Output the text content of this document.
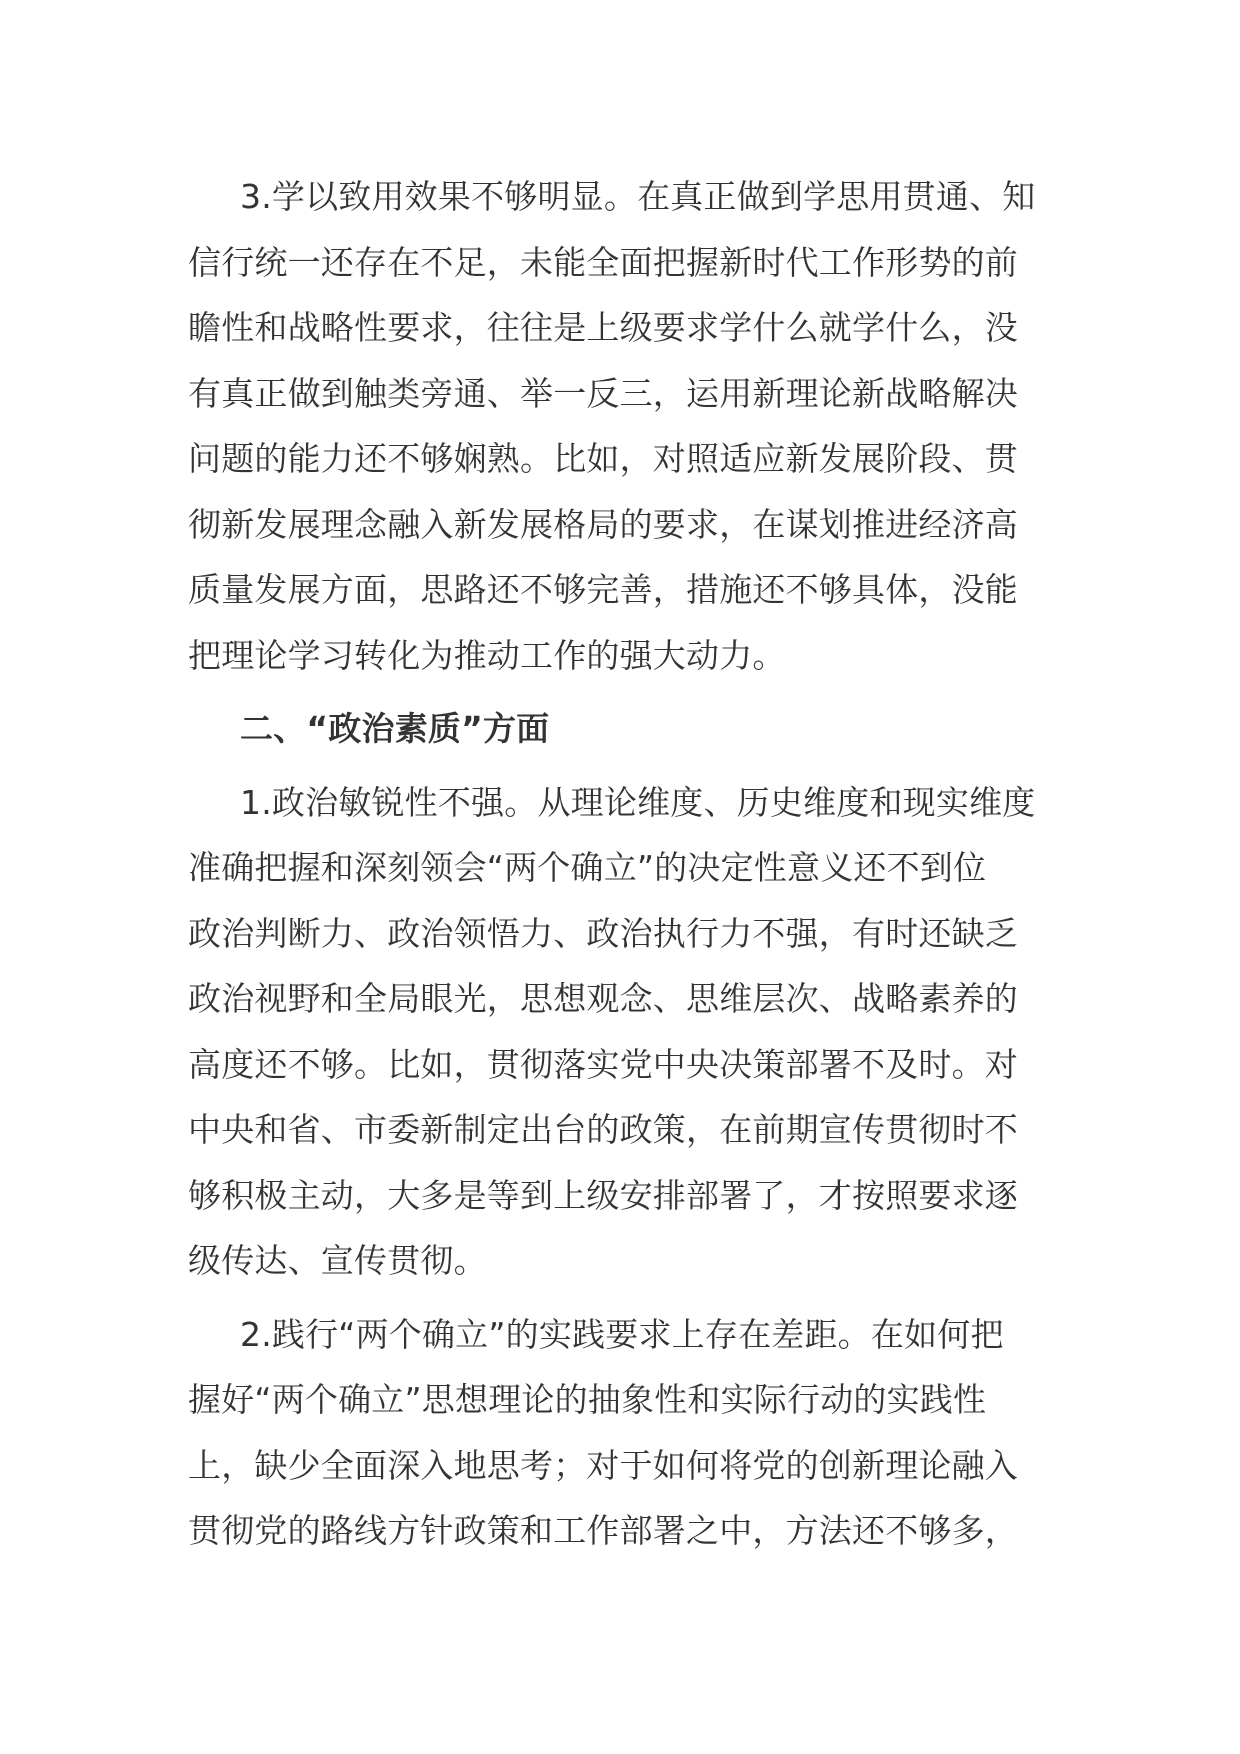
3.学以致用效果不够明显。在真正做到学思用贯通、知
信行统一还存在不足，未能全面把握新时代工作形势的前
瞻性和战略性要求，往往是上级要求学什么就学什么，没
有真正做到触类旁通、举一反三，运用新理论新战略解决
问题的能力还不够娴熟。比如，对照适应新发展阶段、贯
彻新发展理念融入新发展格局的要求，在谋划推进经济高
质量发展方面，思路还不够完善，措施还不够具体，没能
把理论学习转化为推动工作的强大动力。
二、“政治素质”方面
1.政治敏锐性不强。从理论维度、历史维度和现实维度
准确把握和深刻领会“两个确立”的决定性意义还不到位
政治判断力、政治领悟力、政治执行力不强，有时还缺乏
政治视野和全局眼光，思想观念、思维层次、战略素养的
高度还不够。比如，贯彻落实党中央决策部署不及时。对
中央和省、市委新制定出台的政策，在前期宣传贯彻时不
够积极主动，大多是等到上级安排部署了，才按照要求逐
级传达、宣传贯彻。
2.践行“两个确立”的实践要求上存在差距。在如何把
握好“两个确立”思想理论的抽象性和实际行动的实践性
上，缺少全面深入地思考；对于如何将党的创新理论融入
贯彻党的路线方针政策和工作部署之中，方法还不够多，
